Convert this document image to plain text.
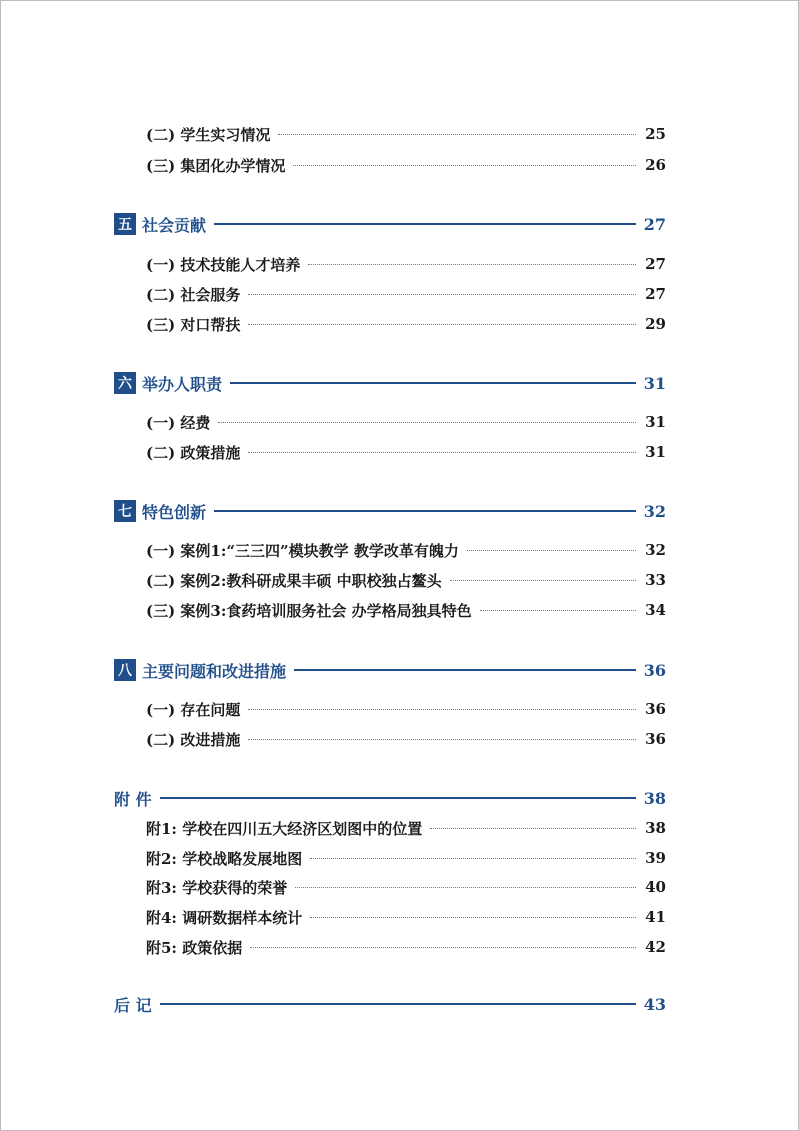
(二) 学生实习情况	25
(三) 集团化办学情况	26
五 社会贡献	27
(一) 技术技能人才培养	27
(二) 社会服务	27
(三) 对口帮扶	29
六 举办人职责	31
(一) 经费	31
(二) 政策措施	31
七 特色创新	32
(一) 案例1:“三三四”模块教学 教学改革有魄力	32
(二) 案例2:教科研成果丰硕 中职校独占鳌头	33
(三) 案例3:食药培训服务社会 办学格局独具特色	34
八 主要问题和改进措施	36
(一) 存在问题	36
(二) 改进措施	36
附 件	38
附1: 学校在四川五大经济区划图中的位置	38
附2: 学校战略发展地图	39
附3: 学校获得的荣誉	40
附4: 调研数据样本统计	41
附5: 政策依据	42
后 记	43
